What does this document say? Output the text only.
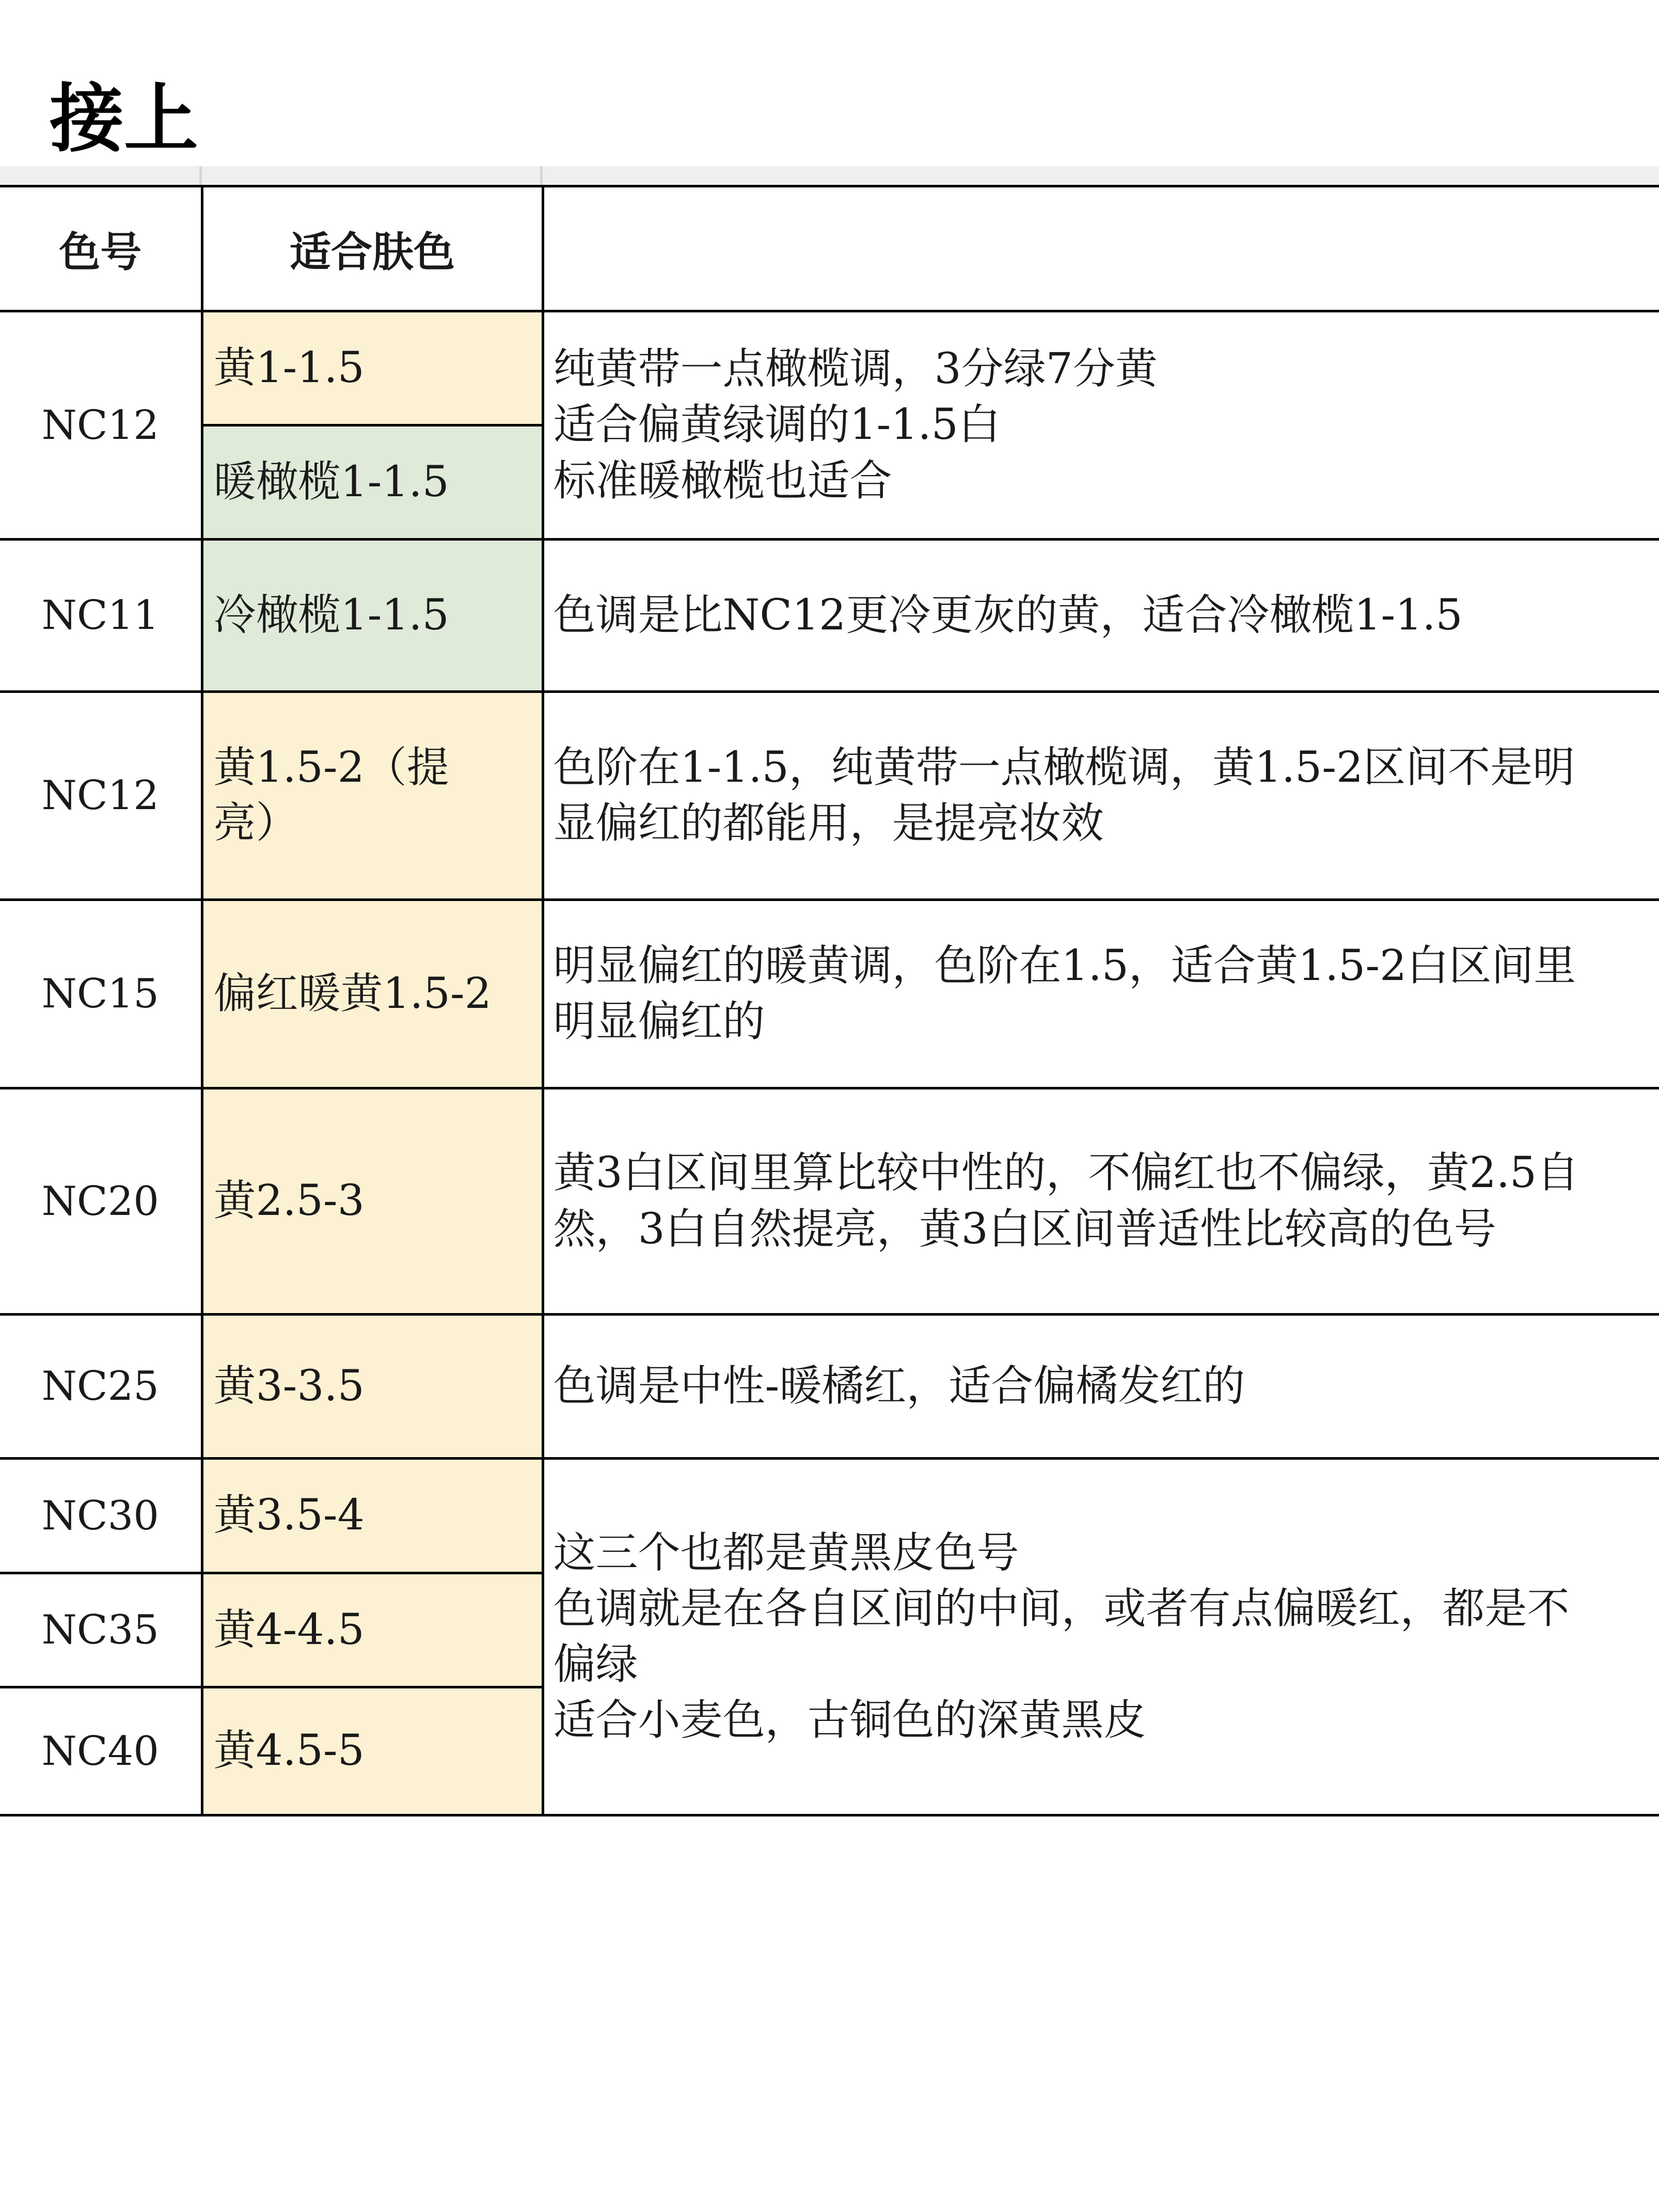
接上
色号	适合肤色	
NC12	黄1-1.5	纯黄带一点橄榄调，3分绿7分黄
适合偏黄绿调的1-1.5白
标准暖橄榄也适合

	暖橄榄1-1.5	
NC11	冷橄榄1-1.5	色调是比NC12更冷更灰的黄，适合冷橄榄1-1.5

NC12	黄1.5-2（提亮）	色阶在1-1.5，纯黄带一点橄榄调，黄1.5-2区间不是明
显偏红的都能用，是提亮妆效

NC15	偏红暖黄1.5-2	明显偏红的暖黄调，色阶在1.5，适合黄1.5-2白区间里
明显偏红的

NC20	黄2.5-3	黄3白区间里算比较中性的，不偏红也不偏绿，黄2.5自
然，3白自然提亮，黄3白区间普适性比较高的色号

NC25	黄3-3.5	色调是中性-暖橘红，适合偏橘发红的

NC30	黄3.5-4	这三个也都是黄黑皮色号
色调就是在各自区间的中间，或者有点偏暖红，都是不
偏绿
适合小麦色，古铜色的深黄黑皮

NC35	黄4-4.5	
NC40	黄4.5-5	
